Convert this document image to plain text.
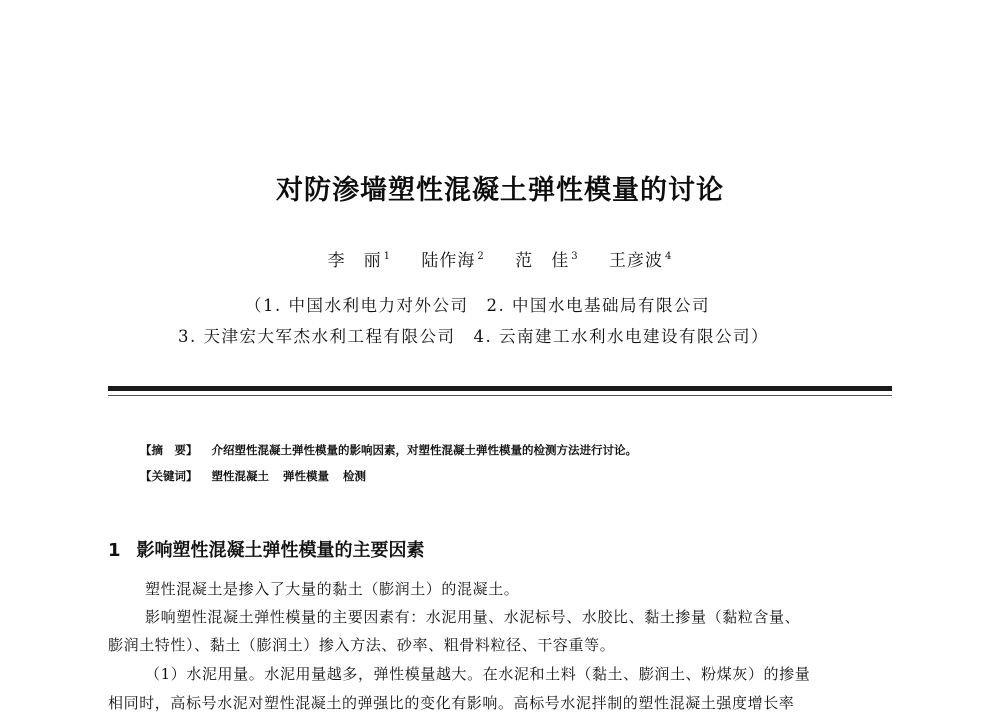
对防渗墙塑性混凝土弹性模量的讨论
李　丽 $^1$ 陆作海 $^2$ 范　佳 $^3$ 王彦波 $^4$
（1. 中国水利电力对外公司　2. 中国水电基础局有限公司
3. 天津宏大军杰水利工程有限公司　4. 云南建工水利水电建设有限公司）
【摘　要】 介绍塑性混凝土弹性模量的影响因素，对塑性混凝土弹性模量的检测方法进行讨论。
【关键词】 塑性混凝土 弹性模量 检测
1 影响塑性混凝土弹性模量的主要因素
塑性混凝土是掺入了大量的黏土（膨润土）的混凝土。
影响塑性混凝土弹性模量的主要因素有：水泥用量、水泥标号、水胶比、黏土掺量（黏粒含量、
膨润土特性）、黏土（膨润土）掺入方法、砂率、粗骨料粒径、干容重等。
（1）水泥用量。水泥用量越多，弹性模量越大。在水泥和土料（黏土、膨润土、粉煤灰）的掺量
相同时，高标号水泥对塑性混凝土的弹强比的变化有影响。高标号水泥拌制的塑性混凝土强度增长率
